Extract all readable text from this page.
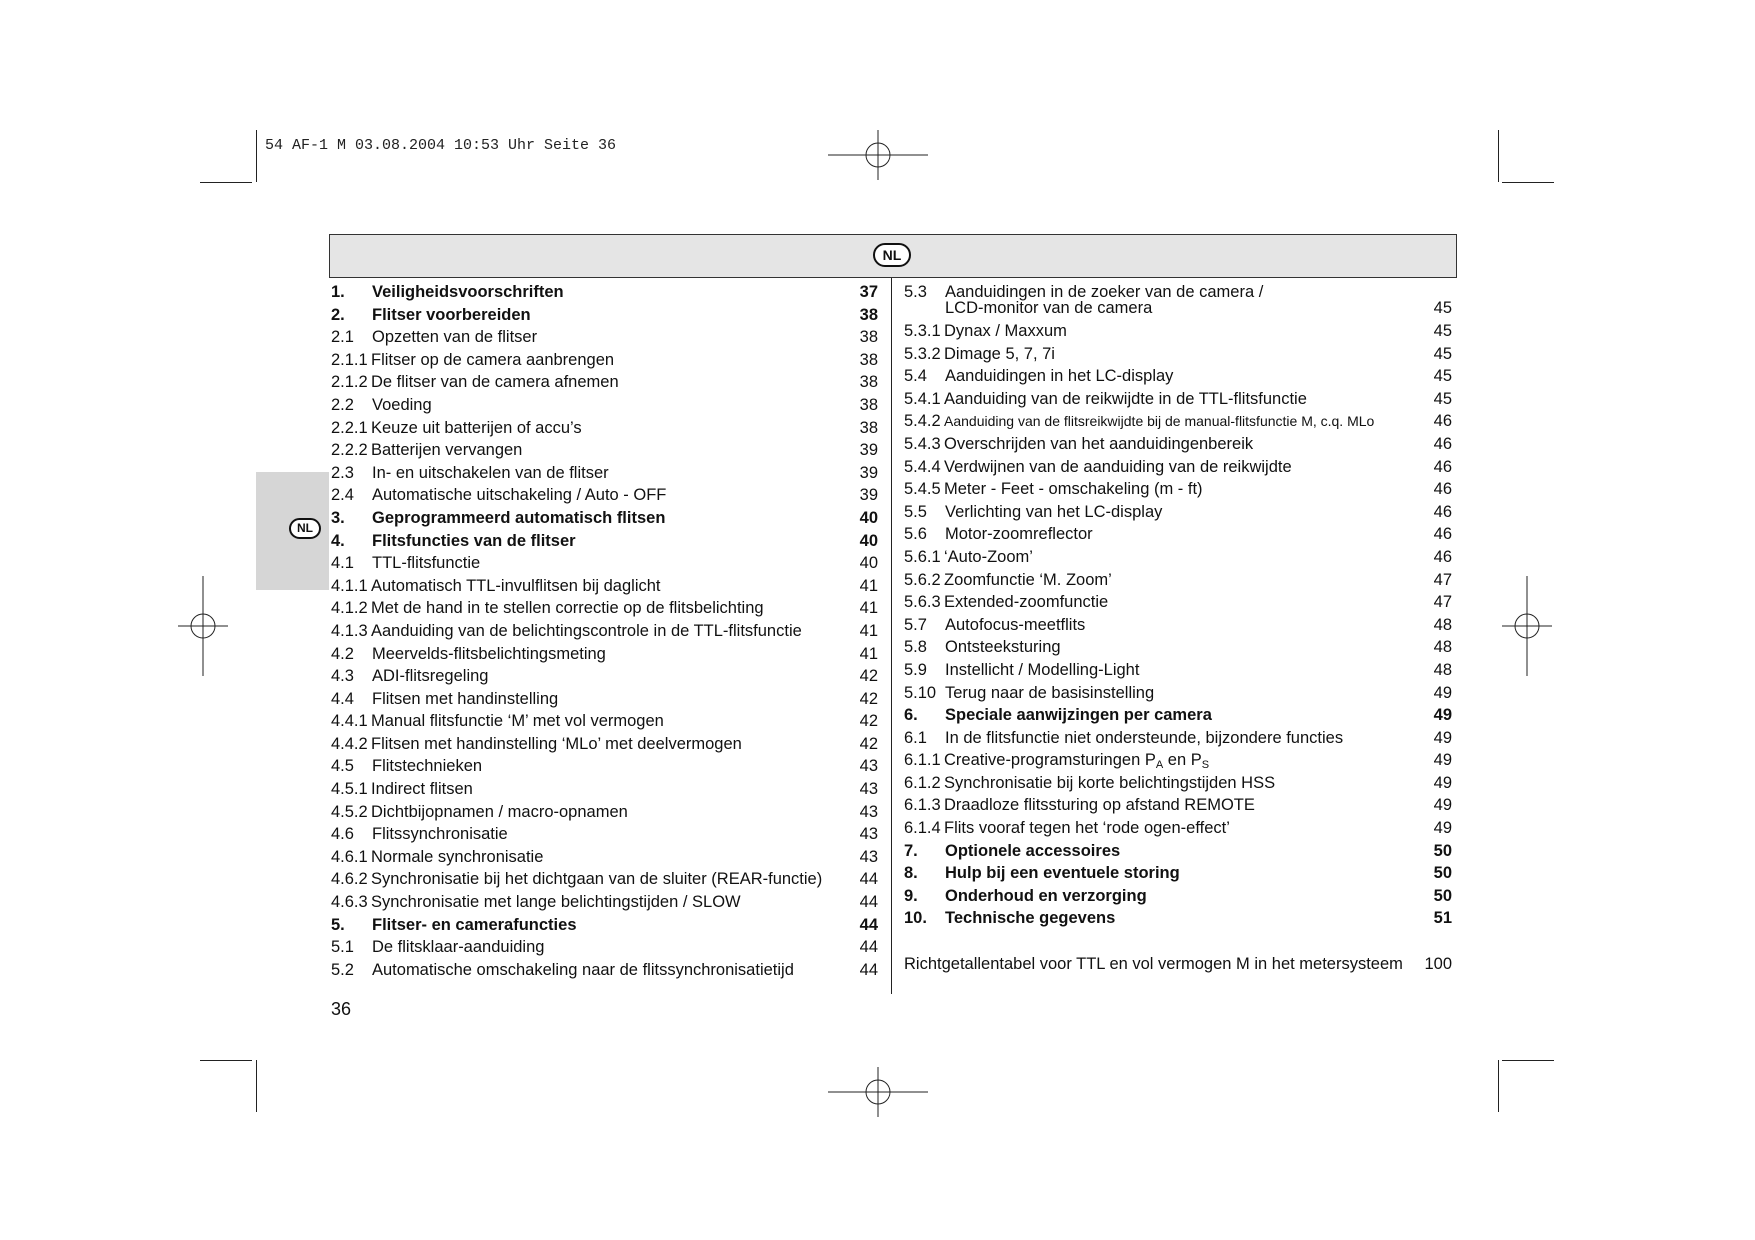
54 AF-1 M 03.08.2004 10:53 Uhr Seite 36
NL
NL
1. Veiligheidsvoorschriften	37
2. Flitser voorbereiden	38
2.1 Opzetten van de flitser	38
2.1.1 Flitser op de camera aanbrengen	38
2.1.2 De flitser van de camera afnemen	38
2.2 Voeding	38
2.2.1 Keuze uit batterijen of accu’s	38
2.2.2 Batterijen vervangen	39
2.3 In- en uitschakelen van de flitser	39
2.4 Automatische uitschakeling / Auto - OFF	39
3. Geprogrammeerd automatisch flitsen	40
4. Flitsfuncties van de flitser	40
4.1 TTL-flitsfunctie	40
4.1.1 Automatisch TTL-invulflitsen bij daglicht	41
4.1.2 Met de hand in te stellen correctie op de flitsbelichting	41
4.1.3 Aanduiding van de belichtingscontrole in de TTL-flitsfunctie	41
4.2 Meervelds-flitsbelichtingsmeting	41
4.3 ADI-flitsregeling	42
4.4 Flitsen met handinstelling	42
4.4.1 Manual flitsfunctie ‘M’ met vol vermogen	42
4.4.2 Flitsen met handinstelling ‘MLo’ met deelvermogen	42
4.5 Flitstechnieken	43
4.5.1 Indirect flitsen	43
4.5.2 Dichtbijopnamen / macro-opnamen	43
4.6 Flitssynchronisatie	43
4.6.1 Normale synchronisatie	43
4.6.2 Synchronisatie bij het dichtgaan van de sluiter (REAR-functie) 44
4.6.3 Synchronisatie met lange belichtingstijden / SLOW	44
5. Flitser- en camerafuncties	44
5.1 De flitsklaar-aanduiding	44
5.2 Automatische omschakeling naar de flitssynchronisatietijd	44
5.3 Aanduidingen in de zoeker van de camera /
LCD-monitor van de camera	45
5.3.1 Dynax / Maxxum	45
5.3.2 Dimage 5, 7, 7i	45
5.4 Aanduidingen in het LC-display	45
5.4.1 Aanduiding van de reikwijdte in de TTL-flitsfunctie	45
5.4.2 Aanduiding van de flitsreikwijdte bij de manual-flitsfunctie M, c.q. MLo	46
5.4.3 Overschrijden van het aanduidingenbereik	46
5.4.4 Verdwijnen van de aanduiding van de reikwijdte	46
5.4.5 Meter - Feet - omschakeling (m - ft)	46
5.5 Verlichting van het LC-display	46
5.6 Motor-zoomreflector	46
5.6.1 ‘Auto-Zoom’	46
5.6.2 Zoomfunctie ‘M. Zoom’	47
5.6.3 Extended-zoomfunctie	47
5.7 Autofocus-meetflits	48
5.8 Ontsteeksturing	48
5.9 Instellicht / Modelling-Light	48
5.10 Terug naar de basisinstelling	49
6. Speciale aanwijzingen per camera	49
6.1 In de flitsfunctie niet ondersteunde, bijzondere functies	49
6.1.1 Creative-programsturingen $P_A$ en $P_S$	49
6.1.2 Synchronisatie bij korte belichtingstijden HSS	49
6.1.3 Draadloze flitssturing op afstand REMOTE	49
6.1.4 Flits vooraf tegen het ‘rode ogen-effect’	49
7. Optionele accessoires	50
8. Hulp bij een eventuele storing	50
9. Onderhoud en verzorging	50
10. Technische gegevens	51
Richtgetallentabel voor TTL en vol vermogen M in het metersysteem 100
36
